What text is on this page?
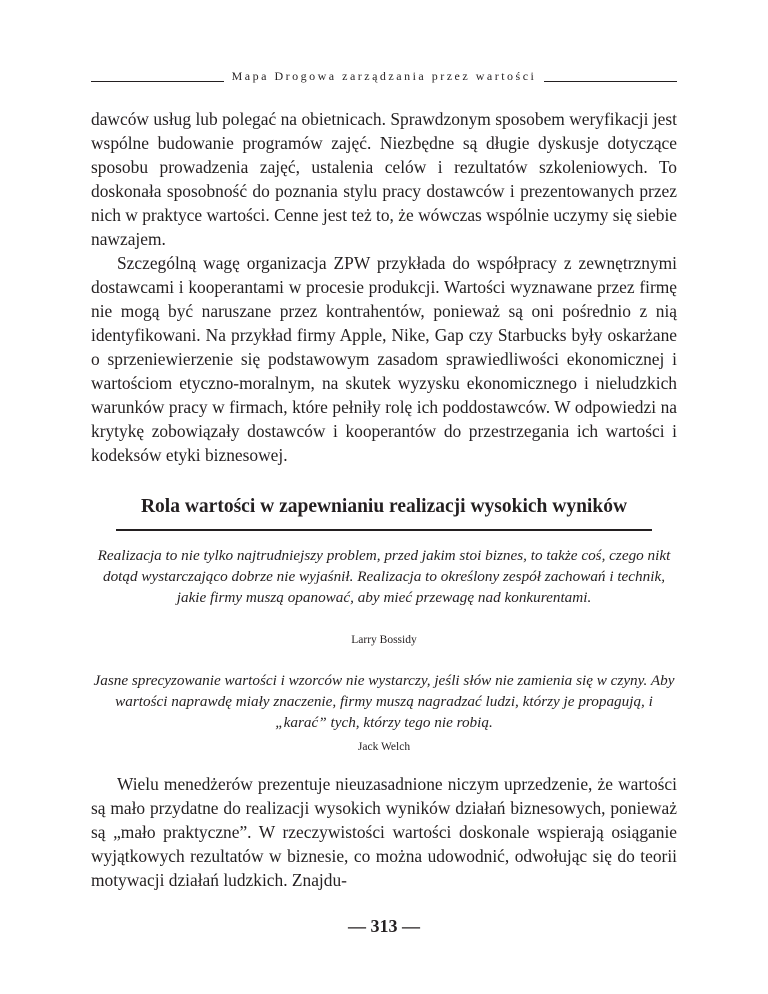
Mapa Drogowa zarządzania przez wartości

dawców usług lub polegać na obietnicach. Sprawdzonym sposobem weryfikacji jest wspólne budowanie programów zajęć. Niezbędne są długie dyskusje dotyczące sposobu prowadzenia zajęć, ustalenia celów i rezultatów szkoleniowych. To doskonała sposobność do poznania stylu pracy dostawców i prezentowanych przez nich w praktyce wartości. Cenne jest też to, że wówczas wspólnie uczymy się siebie nawzajem.

Szczególną wagę organizacja ZPW przykłada do współpracy z zewnętrznymi dostawcami i kooperantami w procesie produkcji. Wartości wyznawane przez firmę nie mogą być naruszane przez kontrahentów, ponieważ są oni pośrednio z nią identyfikowani. Na przykład firmy Apple, Nike, Gap czy Starbucks były oskarżane o sprzeniewierzenie się podstawowym zasadom sprawiedliwości ekonomicznej i wartościom etyczno-moralnym, na skutek wyzysku ekonomicznego i nieludzkich warunków pracy w firmach, które pełniły rolę ich poddostawców. W odpowiedzi na krytykę zobowiązały dostawców i kooperantów do przestrzegania ich wartości i kodeksów etyki biznesowej.

Rola wartości w zapewnianiu realizacji wysokich wyników
Realizacja to nie tylko najtrudniejszy problem, przed jakim stoi biznes, to także coś, czego nikt dotąd wystarczająco dobrze nie wyjaśnił. Realizacja to określony zespół zachowań i technik, jakie firmy muszą opanować, aby mieć przewagę nad konkurentami.
Larry Bossidy
Jasne sprecyzowanie wartości i wzorców nie wystarczy, jeśli słów nie zamienia się w czyny. Aby wartości naprawdę miały znaczenie, firmy muszą nagradzać ludzi, którzy je propagują, i „karać” tych, którzy tego nie robią.
Jack Welch

Wielu menedżerów prezentuje nieuzasadnione niczym uprzedzenie, że wartości są mało przydatne do realizacji wysokich wyników działań biznesowych, ponieważ są „mało praktyczne”. W rzeczywistości wartości doskonale wspierają osiąganie wyjątkowych rezultatów w biznesie, co można udowodnić, odwołując się do teorii motywacji działań ludzkich. Znajdu-

— 313 —
